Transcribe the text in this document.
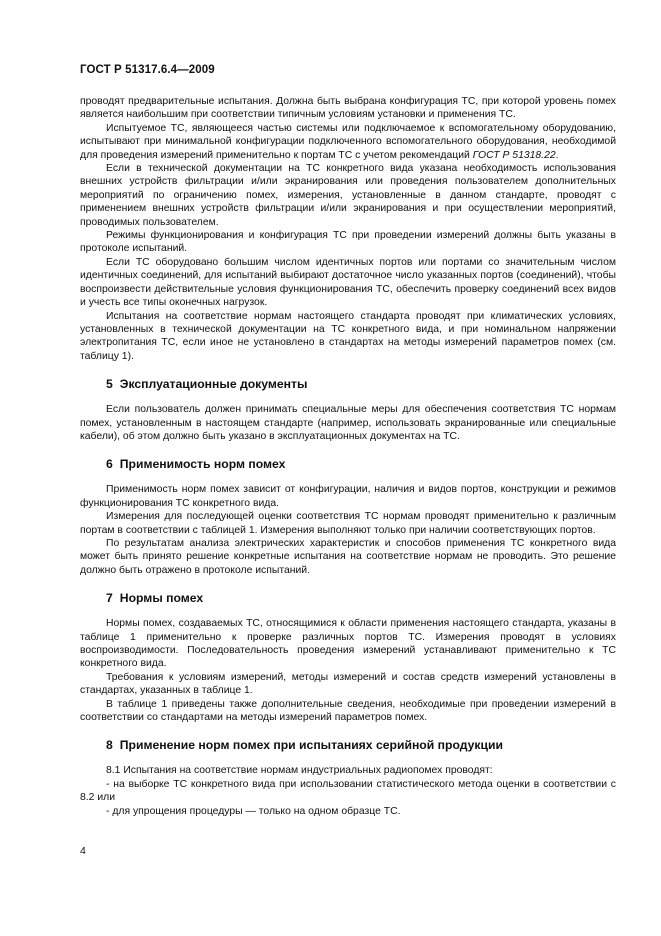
ГОСТ Р 51317.6.4—2009

проводят предварительные испытания. Должна быть выбрана конфигурация ТС, при которой уровень помех является наибольшим при соответствии типичным условиям установки и применения ТС.

Испытуемое ТС, являющееся частью системы или подключаемое к вспомогательному оборудованию, испытывают при минимальной конфигурации подключенного вспомогательного оборудования, необходимой для проведения измерений применительно к портам ТС с учетом рекомендаций ГОСТ Р 51318.22.

Если в технической документации на ТС конкретного вида указана необходимость использования внешних устройств фильтрации и/или экранирования или проведения пользователем дополнительных мероприятий по ограничению помех, измерения, установленные в данном стандарте, проводят с применением внешних устройств фильтрации и/или экранирования и при осуществлении мероприятий, проводимых пользователем.

Режимы функционирования и конфигурация ТС при проведении измерений должны быть указаны в протоколе испытаний.

Если ТС оборудовано большим числом идентичных портов или портами со значительным числом идентичных соединений, для испытаний выбирают достаточное число указанных портов (соединений), чтобы воспроизвести действительные условия функционирования ТС, обеспечить проверку соединений всех видов и учесть все типы оконечных нагрузок.

Испытания на соответствие нормам настоящего стандарта проводят при климатических условиях, установленных в технической документации на ТС конкретного вида, и при номинальном напряжении электропитания ТС, если иное не установлено в стандартах на методы измерений параметров помех (см. таблицу 1).

5 Эксплуатационные документы

Если пользователь должен принимать специальные меры для обеспечения соответствия ТС нормам помех, установленным в настоящем стандарте (например, использовать экранированные или специальные кабели), об этом должно быть указано в эксплуатационных документах на ТС.

6 Применимость норм помех

Применимость норм помех зависит от конфигурации, наличия и видов портов, конструкции и режимов функционирования ТС конкретного вида.

Измерения для последующей оценки соответствия ТС нормам проводят применительно к различным портам в соответствии с таблицей 1. Измерения выполняют только при наличии соответствующих портов.

По результатам анализа электрических характеристик и способов применения ТС конкретного вида может быть принято решение конкретные испытания на соответствие нормам не проводить. Это решение должно быть отражено в протоколе испытаний.

7 Нормы помех

Нормы помех, создаваемых ТС, относящимися к области применения настоящего стандарта, указаны в таблице 1 применительно к проверке различных портов ТС. Измерения проводят в условиях воспроизводимости. Последовательность проведения измерений устанавливают применительно к ТС конкретного вида.

Требования к условиям измерений, методы измерений и состав средств измерений установлены в стандартах, указанных в таблице 1.

В таблице 1 приведены также дополнительные сведения, необходимые при проведении измерений в соответствии со стандартами на методы измерений параметров помех.

8 Применение норм помех при испытаниях серийной продукции

8.1 Испытания на соответствие нормам индустриальных радиопомех проводят:

- на выборке ТС конкретного вида при использовании статистического метода оценки в соответствии с 8.2 или

- для упрощения процедуры — только на одном образце ТС.

4
